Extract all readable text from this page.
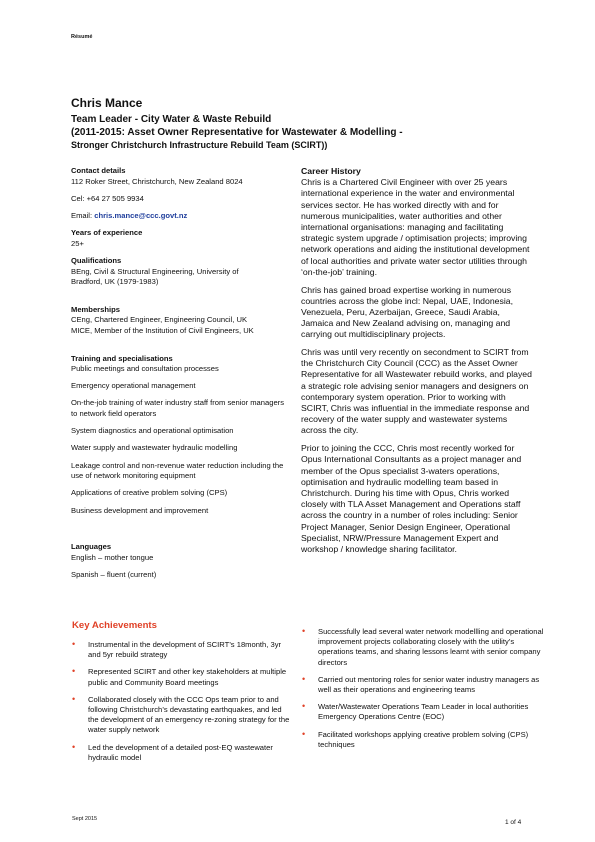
Résumé
Chris Mance
Team Leader - City Water & Waste Rebuild
(2011-2015: Asset Owner Representative for Wastewater & Modelling -
Stronger Christchurch Infrastructure Rebuild Team (SCIRT))
Contact details

112 Roker Street, Christchurch, New Zealand 8024

Cel: +64 27 505 9934

Email: chris.mance@ccc.govt.nz

Years of experience

25+

Qualifications

BEng, Civil & Structural Engineering, University of

Bradford, UK (1979-1983)

Memberships

CEng, Chartered Engineer, Engineering Council, UK

MICE, Member of the Institution of Civil Engineers, UK

Training and specialisations

Public meetings and consultation processes

Emergency operational management

On-the-job training of water industry staff from senior managers to network field operators

System diagnostics and operational optimisation

Water supply and wastewater hydraulic modelling

Leakage control and non-revenue water reduction including the use of network monitoring equipment

Applications of creative problem solving (CPS)

Business development and improvement

Languages

English – mother tongue

Spanish – fluent (current)

Career History

Chris is a Chartered Civil Engineer with over 25 years international experience in the water and environmental services sector. He has worked directly with and for numerous municipalities, water authorities and other international organisations: managing and facilitating strategic system upgrade / optimisation projects; improving network operations and aiding the institutional development of local authorities and private water sector utilities through ‘on-the-job’ training.

Chris has gained broad expertise working in numerous countries across the globe incl: Nepal, UAE, Indonesia, Venezuela, Peru, Azerbaijan, Greece, Saudi Arabia, Jamaica and New Zealand advising on, managing and carrying out multidisciplinary projects.

Chris was until very recently on secondment to SCIRT from the Christchurch City Council (CCC) as the Asset Owner Representative for all Wastewater rebuild works, and played a strategic role advising senior managers and designers on contemporary system operation. Prior to working with SCIRT, Chris was influential in the immediate response and recovery of the water supply and wastewater systems across the city.

Prior to joining the CCC, Chris most recently worked for Opus International Consultants as a project manager and member of the Opus specialist 3-waters operations, optimisation and hydraulic modelling team based in Christchurch. During his time with Opus, Chris worked closely with TLA Asset Management and Operations staff across the country in a number of roles including: Senior Project Manager, Senior Design Engineer, Operational Specialist, NRW/Pressure Management Expert and workshop / knowledge sharing facilitator.

Key Achievements
• Instrumental in the development of SCIRT’s 18month, 3yr and 5yr rebuild strategy
• Represented SCIRT and other key stakeholders at multiple public and Community Board meetings
• Collaborated closely with the CCC Ops team prior to and following Christchurch’s devastating earthquakes, and led the development of an emergency re-zoning strategy for the water supply network
• Led the development of a detailed post-EQ wastewater hydraulic model
• Successfully lead several water network modellling and operational improvement projects collaborating closely with the utility’s operations teams, and sharing lessons learnt with senior company directors
• Carried out mentoring roles for senior water industry managers as well as their operations and engineering teams
• Water/Wastewater Operations Team Leader in local authorities Emergency Operations Centre (EOC)
• Facilitated workshops applying creative problem solving (CPS) techniques
Sept 2015	1 of 4
